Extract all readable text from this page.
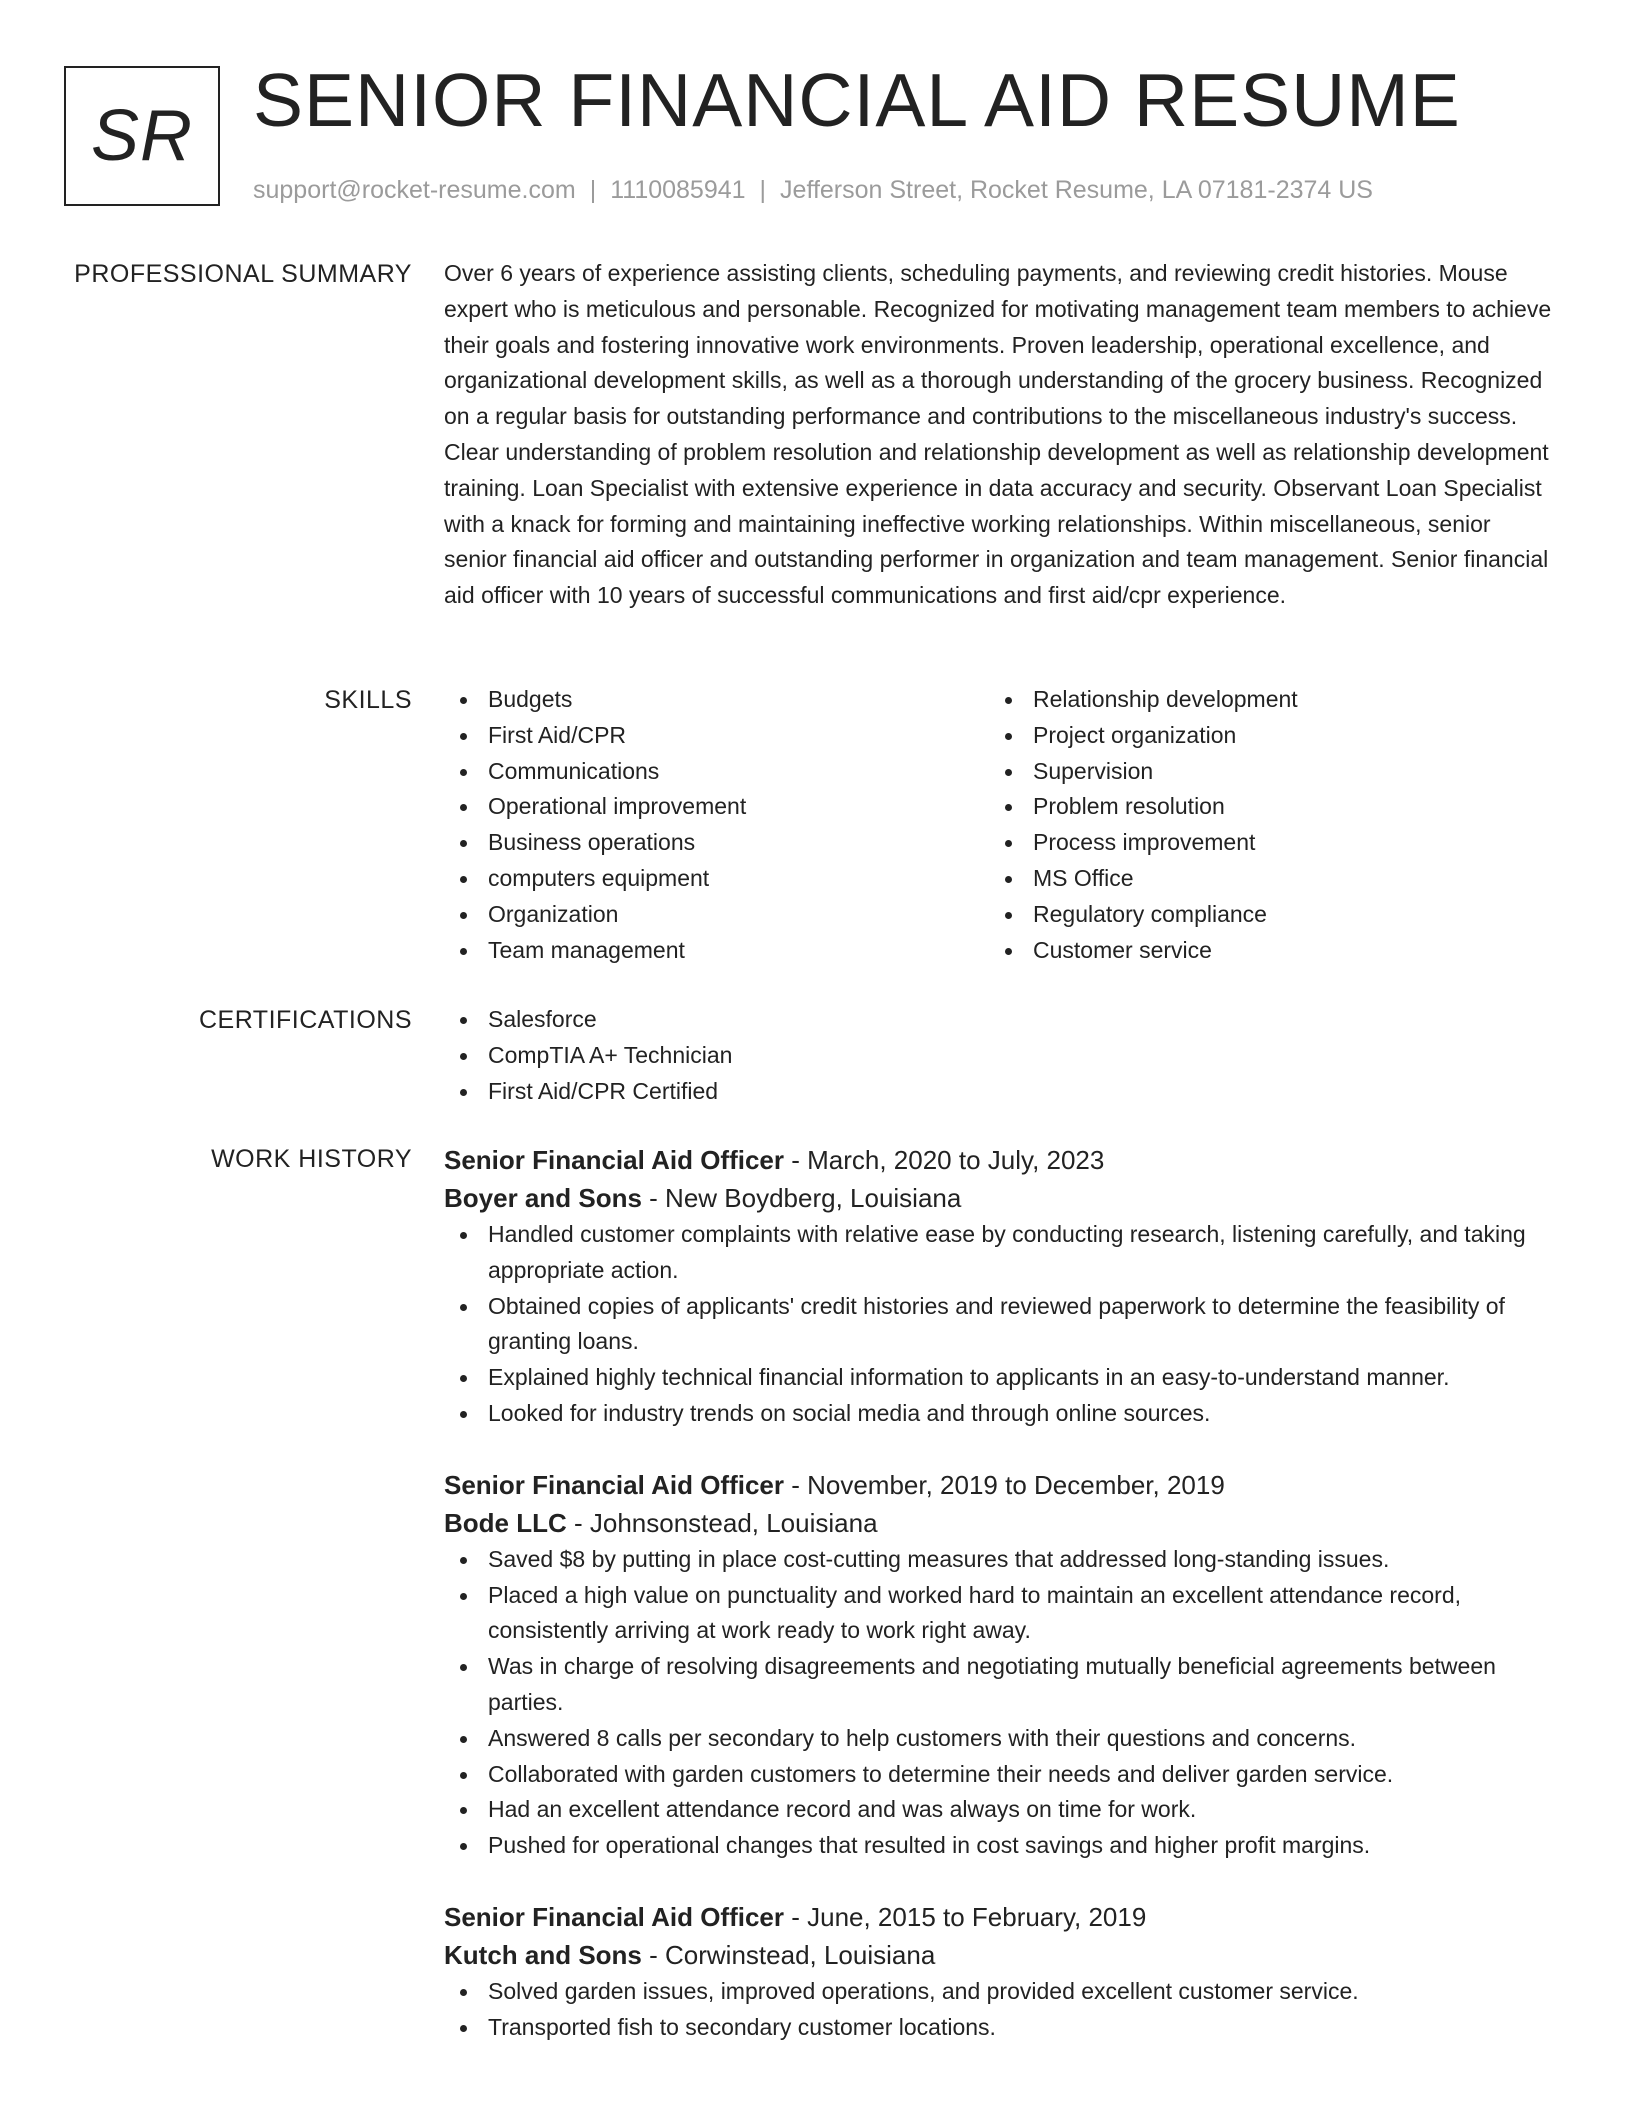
SR SENIOR FINANCIAL AID RESUME
support@rocket-resume.com | 1110085941 | Jefferson Street, Rocket Resume, LA 07181-2374 US
PROFESSIONAL SUMMARY Over 6 years of experience assisting clients, scheduling payments, and reviewing credit histories. Mouse expert who is meticulous and personable. Recognized for motivating management team members to achieve their goals and fostering innovative work environments. Proven leadership, operational excellence, and organizational development skills, as well as a thorough understanding of the grocery business. Recognized on a regular basis for outstanding performance and contributions to the miscellaneous industry's success. Clear understanding of problem resolution and relationship development as well as relationship development training. Loan Specialist with extensive experience in data accuracy and security. Observant Loan Specialist with a knack for forming and maintaining ineffective working relationships. Within miscellaneous, senior senior financial aid officer and outstanding performer in organization and team management. Senior financial aid officer with 10 years of successful communications and first aid/cpr experience.

SKILLS	Budgets
First Aid/CPR
Communications
Operational improvement
Business operations
computers equipment
Organization
Team management
Relationship development
Project organization
Supervision
Problem resolution
Process improvement
MS Office
Regulatory compliance
Customer service
CERTIFICATIONS	Salesforce
CompTIA A+ Technician
First Aid/CPR Certified
WORK HISTORY Senior Financial Aid Officer - March, 2020 to July, 2023
Boyer and Sons - New Boydberg, Louisiana
Handled customer complaints with relative ease by conducting research, listening carefully, and taking appropriate action.
Obtained copies of applicants' credit histories and reviewed paperwork to determine the feasibility of granting loans.
Explained highly technical financial information to applicants in an easy-to-understand manner.
Looked for industry trends on social media and through online sources.
Senior Financial Aid Officer - November, 2019 to December, 2019
Bode LLC - Johnsonstead, Louisiana
Saved $8 by putting in place cost-cutting measures that addressed long-standing issues.
Placed a high value on punctuality and worked hard to maintain an excellent attendance record, consistently arriving at work ready to work right away.
Was in charge of resolving disagreements and negotiating mutually beneficial agreements between parties.
Answered 8 calls per secondary to help customers with their questions and concerns.
Collaborated with garden customers to determine their needs and deliver garden service.
Had an excellent attendance record and was always on time for work.
Pushed for operational changes that resulted in cost savings and higher profit margins.
Senior Financial Aid Officer - June, 2015 to February, 2019
Kutch and Sons - Corwinstead, Louisiana
Solved garden issues, improved operations, and provided excellent customer service.
Transported fish to secondary customer locations.
